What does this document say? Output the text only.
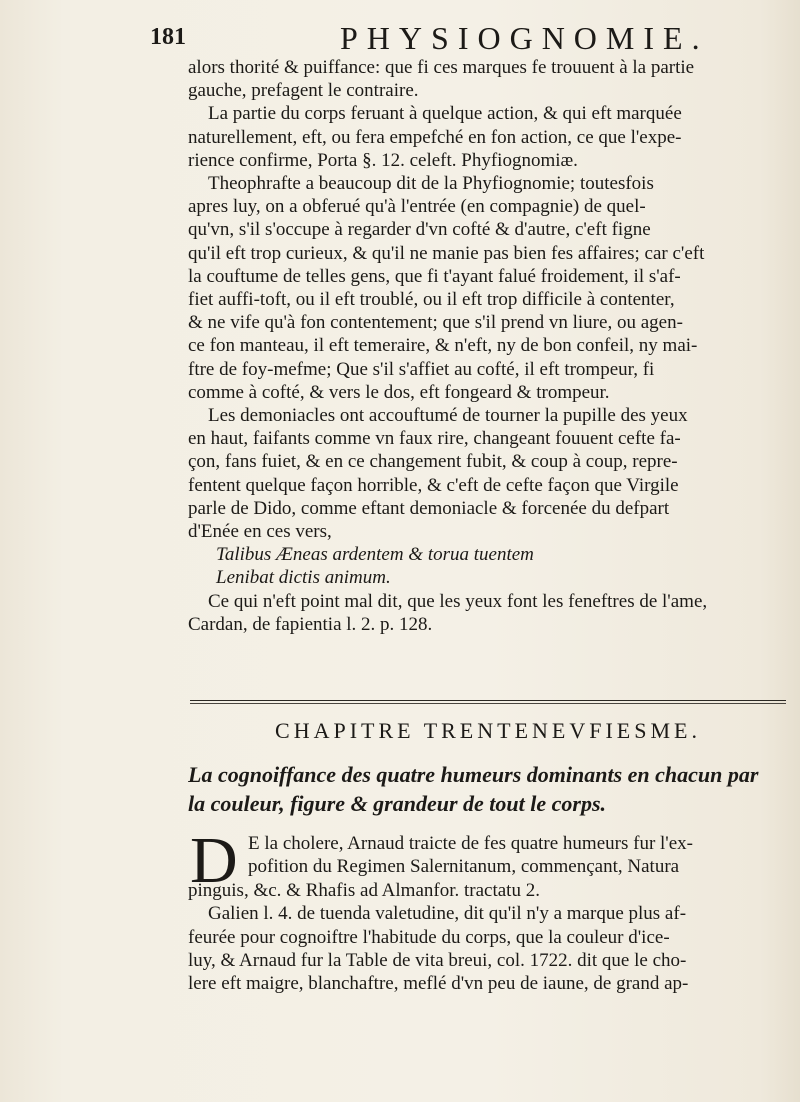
181	PHYSIOGNOMIE.
alors thorité & puiffance: que fi ces marques fe trouuent à la partie
gauche, prefagent le contraire.
La partie du corps feruant à quelque action, & qui eft marquée
naturellement, eft, ou fera empefché en fon action, ce que l'expe-
rience confirme, Porta §. 12. celeft. Phyfiognomiæ.
Theophrafte a beaucoup dit de la Phyfiognomie; toutesfois
apres luy, on a obferué qu'à l'entrée (en compagnie) de quel-
qu'vn, s'il s'occupe à regarder d'vn cofté & d'autre, c'eft figne
qu'il eft trop curieux, & qu'il ne manie pas bien fes affaires; car c'eft
la couftume de telles gens, que fi t'ayant falué froidement, il s'af-
fiet auffi-toft, ou il eft troublé, ou il eft trop difficile à contenter,
& ne vife qu'à fon contentement; que s'il prend vn liure, ou agen-
ce fon manteau, il eft temeraire, & n'eft, ny de bon confeil, ny mai-
ftre de foy-mefme; Que s'il s'affiet au cofté, il eft trompeur, fi
comme à cofté, & vers le dos, eft fongeard & trompeur.
Les demoniacles ont accouftumé de tourner la pupille des yeux
en haut, faifants comme vn faux rire, changeant fouuent cefte fa-
çon, fans fuiet, & en ce changement fubit, & coup à coup, repre-
fentent quelque façon horrible, & c'eft de cefte façon que Virgile
parle de Dido, comme eftant demoniacle & forcenée du defpart
d'Enée en ces vers,
Talibus Æneas ardentem & torua tuentem
Lenibat dictis animum.
Ce qui n'eft point mal dit, que les yeux font les feneftres de l'ame,
Cardan, de fapientia l. 2. p. 128.
CHAPITRE TRENTENEVFIESME.
La cognoiffance des quatre humeurs dominants en chacun par
la couleur, figure & grandeur de tout le corps.
D E la cholere, Arnaud traicte de fes quatre humeurs fur l'ex-
pofition du Regimen Salernitanum, commençant, Natura
pinguis, &c. & Rhafis ad Almanfor. tractatu 2.
Galien l. 4. de tuenda valetudine, dit qu'il n'y a marque plus af-
feurée pour cognoiftre l'habitude du corps, que la couleur d'ice-
luy, & Arnaud fur la Table de vita breui, col. 1722. dit que le cho-
lere eft maigre, blanchaftre, meflé d'vn peu de iaune, de grand ap-
